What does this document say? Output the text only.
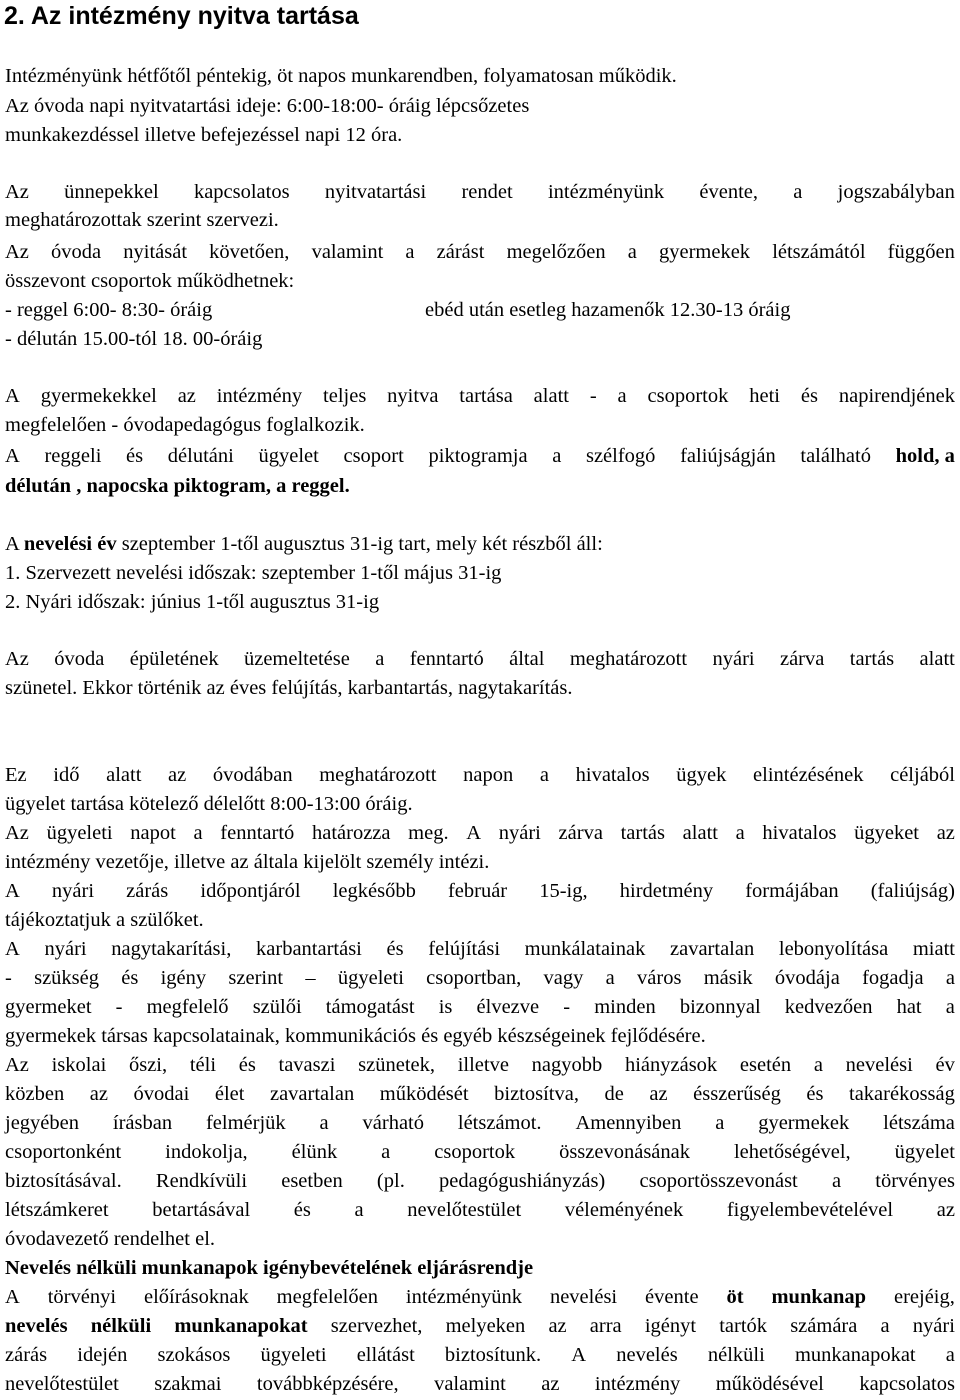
2. Az intézmény nyitva tartása
Intézményünk hétfőtől péntekig, öt napos munkarendben, folyamatosan működik.
Az óvoda napi nyitvatartási ideje: 6:00-18:00- óráig lépcsőzetes
munkakezdéssel illetve befejezéssel napi 12 óra.
Az ünnepekkel kapcsolatos nyitvatartási rendet intézményünk évente, a jogszabályban
meghatározottak szerint szervezi.
Az óvoda nyitását követően, valamint a zárást megelőzően a gyermekek létszámától függően
összevont csoportok működhetnek:
- reggel 6:00- 8:30- óráig	ebéd után esetleg hazamenők 12.30-13 óráig
- délután 15.00-tól 18. 00-óráig
A gyermekekkel az intézmény teljes nyitva tartása alatt - a csoportok heti és napirendjének
megfelelően - óvodapedagógus foglalkozik.
A reggeli és délutáni ügyelet csoport piktogramja a szélfogó faliújságján található hold, a
délután , napocska piktogram, a reggel.
A nevelési év szeptember 1-től augusztus 31-ig tart, mely két részből áll:
1. Szervezett nevelési időszak: szeptember 1-től május 31-ig
2. Nyári időszak: június 1-től augusztus 31-ig
Az óvoda épületének üzemeltetése a fenntartó által meghatározott nyári zárva tartás alatt
szünetel. Ekkor történik az éves felújítás, karbantartás, nagytakarítás.
Ez idő alatt az óvodában meghatározott napon a hivatalos ügyek elintézésének céljából
ügyelet tartása kötelező délelőtt 8:00-13:00 óráig.
Az ügyeleti napot a fenntartó határozza meg. A nyári zárva tartás alatt a hivatalos ügyeket az
intézmény vezetője, illetve az általa kijelölt személy intézi.
A nyári zárás időpontjáról legkésőbb február 15-ig, hirdetmény formájában (faliújság)
tájékoztatjuk a szülőket.
A nyári nagytakarítási, karbantartási és felújítási munkálatainak zavartalan lebonyolítása miatt
- szükség és igény szerint – ügyeleti csoportban, vagy a város másik óvodája fogadja a
gyermeket - megfelelő szülői támogatást is élvezve - minden bizonnyal kedvezően hat a
gyermekek társas kapcsolatainak, kommunikációs és egyéb készségeinek fejlődésére.
Az iskolai őszi, téli és tavaszi szünetek, illetve nagyobb hiányzások esetén a nevelési év
közben az óvodai élet zavartalan működését biztosítva, de az ésszerűség és takarékosság
jegyében írásban felmérjük a várható létszámot. Amennyiben a gyermekek létszáma
csoportonként indokolja, élünk a csoportok összevonásának lehetőségével, ügyelet
biztosításával. Rendkívüli esetben (pl. pedagógushiányzás) csoportösszevonást a törvényes
létszámkeret betartásával és a nevelőtestület véleményének figyelembevételével az
óvodavezető rendelhet el.
Nevelés nélküli munkanapok igénybevételének eljárásrendje
A törvényi előírásoknak megfelelően intézményünk nevelési évente öt munkanap erejéig,
nevelés nélküli munkanapokat szervezhet, melyeken az arra igényt tartók számára a nyári
zárás idején szokásos ügyeleti ellátást biztosítunk. A nevelés nélküli munkanapokat a
nevelőtestület szakmai továbbképzésére, valamint az intézmény működésével kapcsolatos
